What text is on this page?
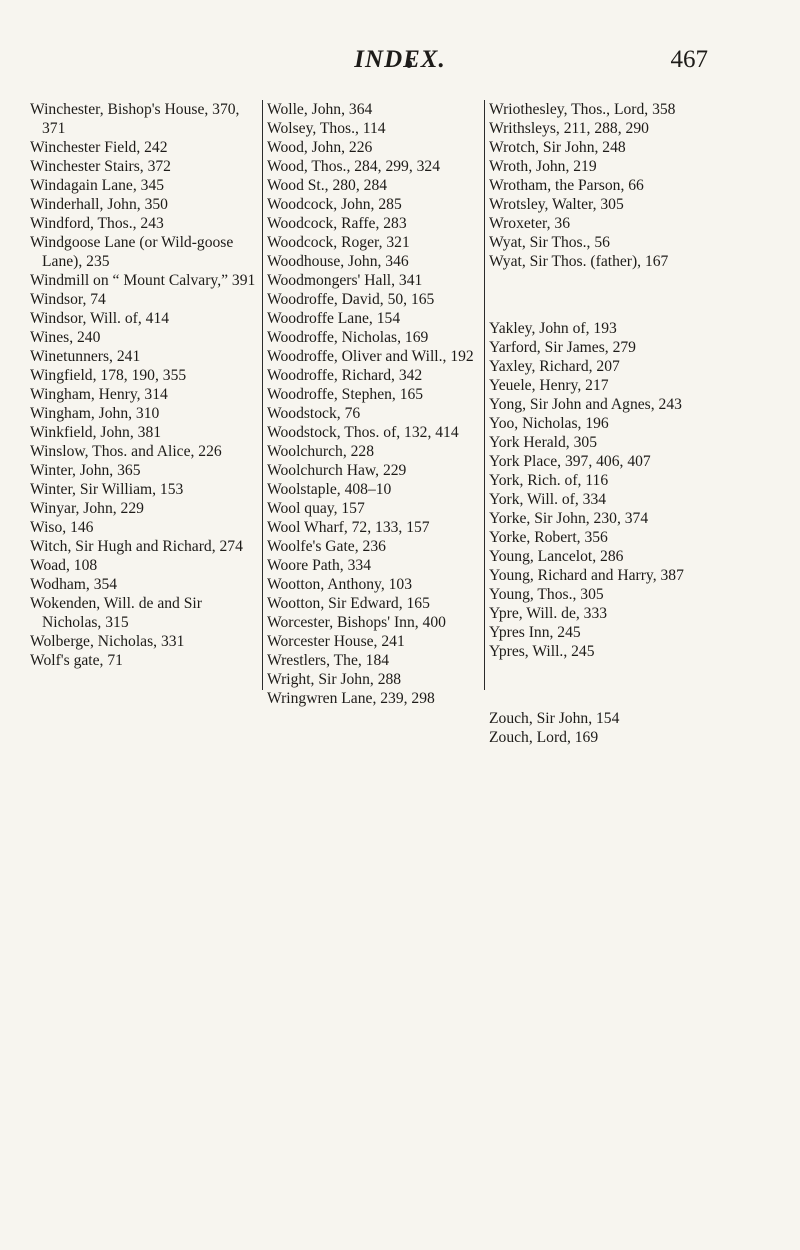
INDEX.	467

Winchester, Bishop's House, 370, 371

Winchester Field, 242

Winchester Stairs, 372

Windagain Lane, 345

Winderhall, John, 350

Windford, Thos., 243

Windgoose Lane (or Wild-goose Lane), 235

Windmill on “ Mount Calvary,” 391

Windsor, 74

Windsor, Will. of, 414

Wines, 240

Winetunners, 241

Wingfield, 178, 190, 355

Wingham, Henry, 314

Wingham, John, 310

Winkfield, John, 381

Winslow, Thos. and Alice, 226

Winter, John, 365

Winter, Sir William, 153

Winyar, John, 229

Wiso, 146

Witch, Sir Hugh and Richard, 274

Woad, 108

Wodham, 354

Wokenden, Will. de and Sir Nicholas, 315

Wolberge, Nicholas, 331

Wolf's gate, 71

Wolle, John, 364

Wolsey, Thos., 114

Wood, John, 226

Wood, Thos., 284, 299, 324

Wood St., 280, 284

Woodcock, John, 285

Woodcock, Raffe, 283

Woodcock, Roger, 321

Woodhouse, John, 346

Woodmongers' Hall, 341

Woodroffe, David, 50, 165

Woodroffe Lane, 154

Woodroffe, Nicholas, 169

Woodroffe, Oliver and Will., 192

Woodroffe, Richard, 342

Woodroffe, Stephen, 165

Woodstock, 76

Woodstock, Thos. of, 132, 414

Woolchurch, 228

Woolchurch Haw, 229

Woolstaple, 408–10

Wool quay, 157

Wool Wharf, 72, 133, 157

Woolfe's Gate, 236

Woore Path, 334

Wootton, Anthony, 103

Wootton, Sir Edward, 165

Worcester, Bishops' Inn, 400

Worcester House, 241

Wrestlers, The, 184

Wright, Sir John, 288

Wringwren Lane, 239, 298

Wriothesley, Thos., Lord, 358

Writhsleys, 211, 288, 290

Wrotch, Sir John, 248

Wroth, John, 219

Wrotham, the Parson, 66

Wrotsley, Walter, 305

Wroxeter, 36

Wyat, Sir Thos., 56

Wyat, Sir Thos. (father), 167

Yakley, John of, 193

Yarford, Sir James, 279

Yaxley, Richard, 207

Yeuele, Henry, 217

Yong, Sir John and Agnes, 243

Yoo, Nicholas, 196

York Herald, 305

York Place, 397, 406, 407

York, Rich. of, 116

York, Will. of, 334

Yorke, Sir John, 230, 374

Yorke, Robert, 356

Young, Lancelot, 286

Young, Richard and Harry, 387

Young, Thos., 305

Ypre, Will. de, 333

Ypres Inn, 245

Ypres, Will., 245

Zouch, Sir John, 154

Zouch, Lord, 169
